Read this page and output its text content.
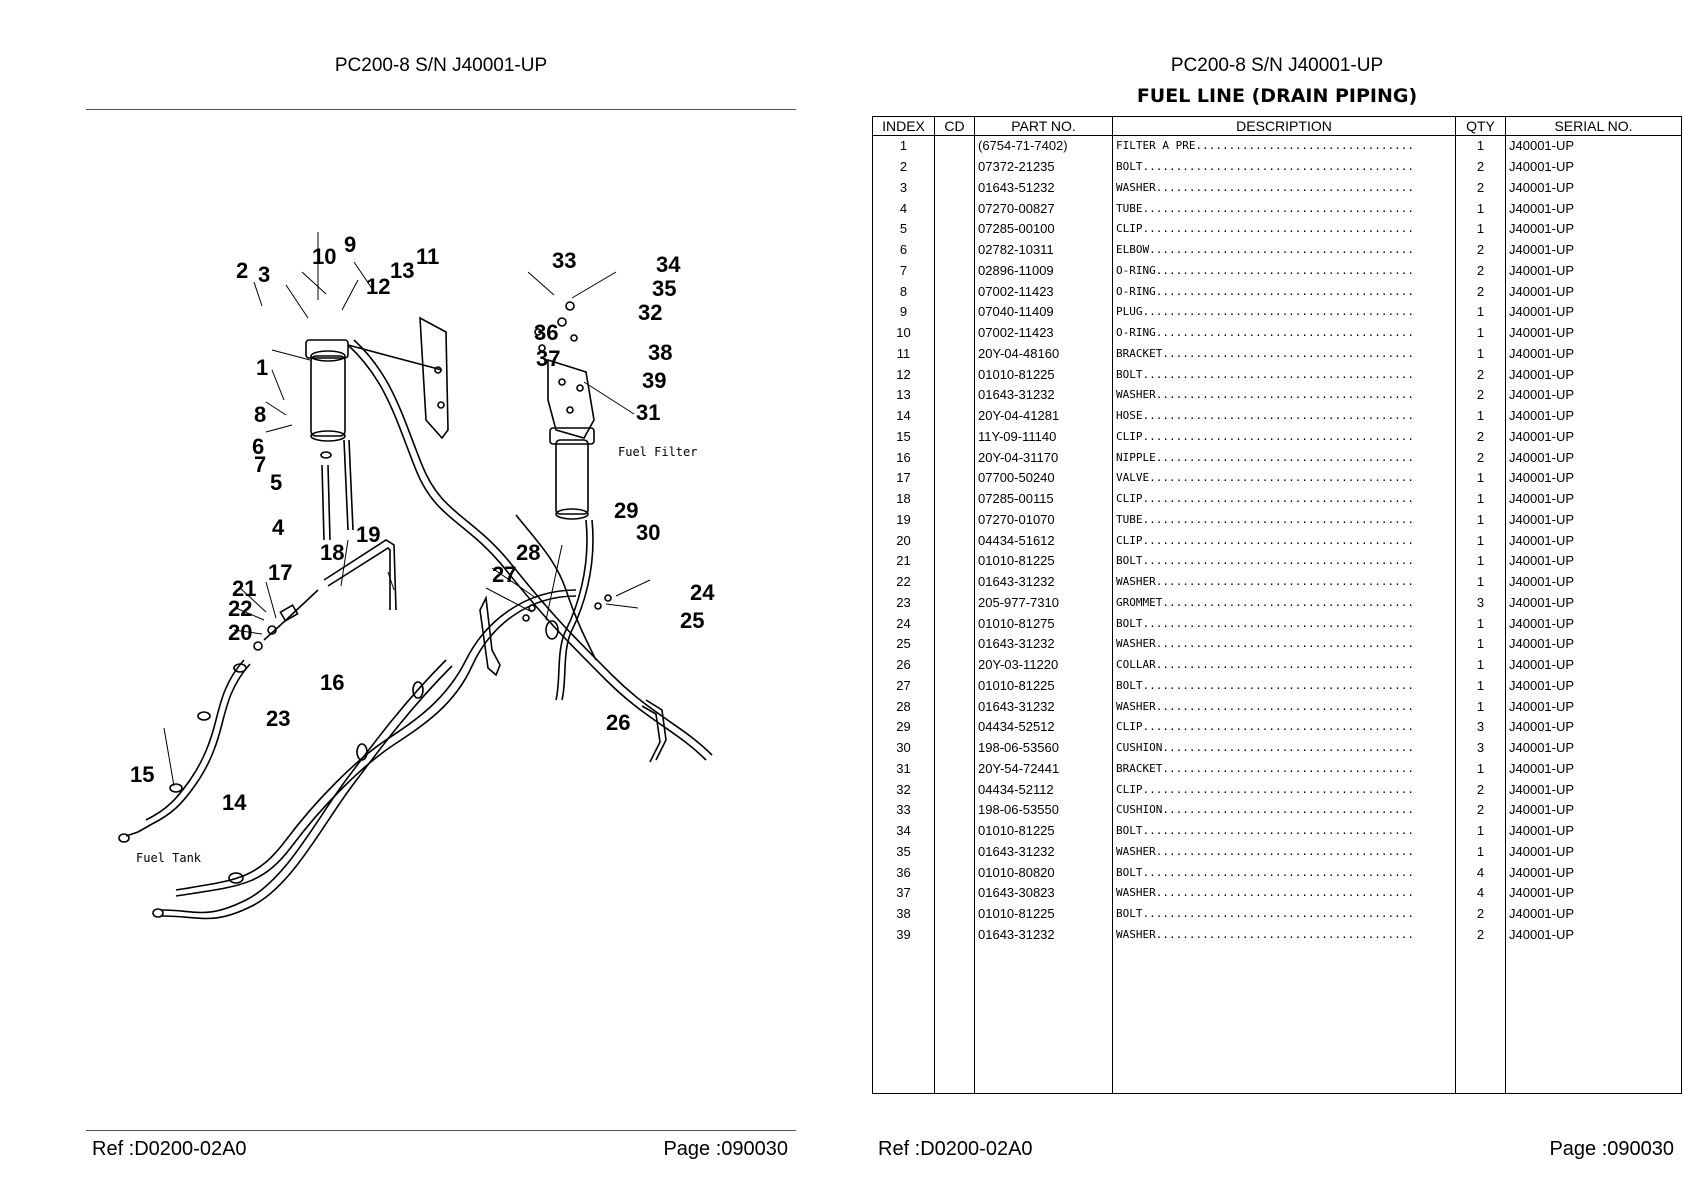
PC200-8 S/N J40001-UP
1
2 3
4
5
6
7
8
9
10	11
12
13
14
15
16
17
18
19
20
21
22
23
24
25
26
27
28
29
30
31
32
33	34
35
36
37	38
39
Fuel Filter
Fuel Tank
Ref :D0200-02A0	Page :090030
PC200-8 S/N J40001-UP
FUEL LINE (DRAIN PIPING)
INDEX	CD	PART NO.	DESCRIPTION	QTY	SERIAL NO.
1		(6754-71-7402)	FILTER A PRE.................................	1	J40001-UP
2		07372-21235	BOLT.........................................	2	J40001-UP
3		01643-51232	WASHER.......................................	2	J40001-UP
4		07270-00827	TUBE.........................................	1	J40001-UP
5		07285-00100	CLIP.........................................	1	J40001-UP
6		02782-10311	ELBOW........................................	2	J40001-UP
7		02896-11009	O-RING.......................................	2	J40001-UP
8		07002-11423	O-RING.......................................	2	J40001-UP
9		07040-11409	PLUG.........................................	1	J40001-UP
10		07002-11423	O-RING.......................................	1	J40001-UP
11		20Y-04-48160	BRACKET......................................	1	J40001-UP
12		01010-81225	BOLT.........................................	2	J40001-UP
13		01643-31232	WASHER.......................................	2	J40001-UP
14		20Y-04-41281	HOSE.........................................	1	J40001-UP
15		11Y-09-11140	CLIP.........................................	2	J40001-UP
16		20Y-04-31170	NIPPLE.......................................	2	J40001-UP
17		07700-50240	VALVE........................................	1	J40001-UP
18		07285-00115	CLIP.........................................	1	J40001-UP
19		07270-01070	TUBE.........................................	1	J40001-UP
20		04434-51612	CLIP.........................................	1	J40001-UP
21		01010-81225	BOLT.........................................	1	J40001-UP
22		01643-31232	WASHER.......................................	1	J40001-UP
23		205-977-7310	GROMMET......................................	3	J40001-UP
24		01010-81275	BOLT.........................................	1	J40001-UP
25		01643-31232	WASHER.......................................	1	J40001-UP
26		20Y-03-11220	COLLAR.......................................	1	J40001-UP
27		01010-81225	BOLT.........................................	1	J40001-UP
28		01643-31232	WASHER.......................................	1	J40001-UP
29		04434-52512	CLIP.........................................	3	J40001-UP
30		198-06-53560	CUSHION......................................	3	J40001-UP
31		20Y-54-72441	BRACKET......................................	1	J40001-UP
32		04434-52112	CLIP.........................................	2	J40001-UP
33		198-06-53550	CUSHION......................................	2	J40001-UP
34		01010-81225	BOLT.........................................	1	J40001-UP
35		01643-31232	WASHER.......................................	1	J40001-UP
36		01010-80820	BOLT.........................................	4	J40001-UP
37		01643-30823	WASHER.......................................	4	J40001-UP
38		01010-81225	BOLT.........................................	2	J40001-UP
39		01643-31232	WASHER.......................................	2	J40001-UP

Ref :D0200-02A0	Page :090030
